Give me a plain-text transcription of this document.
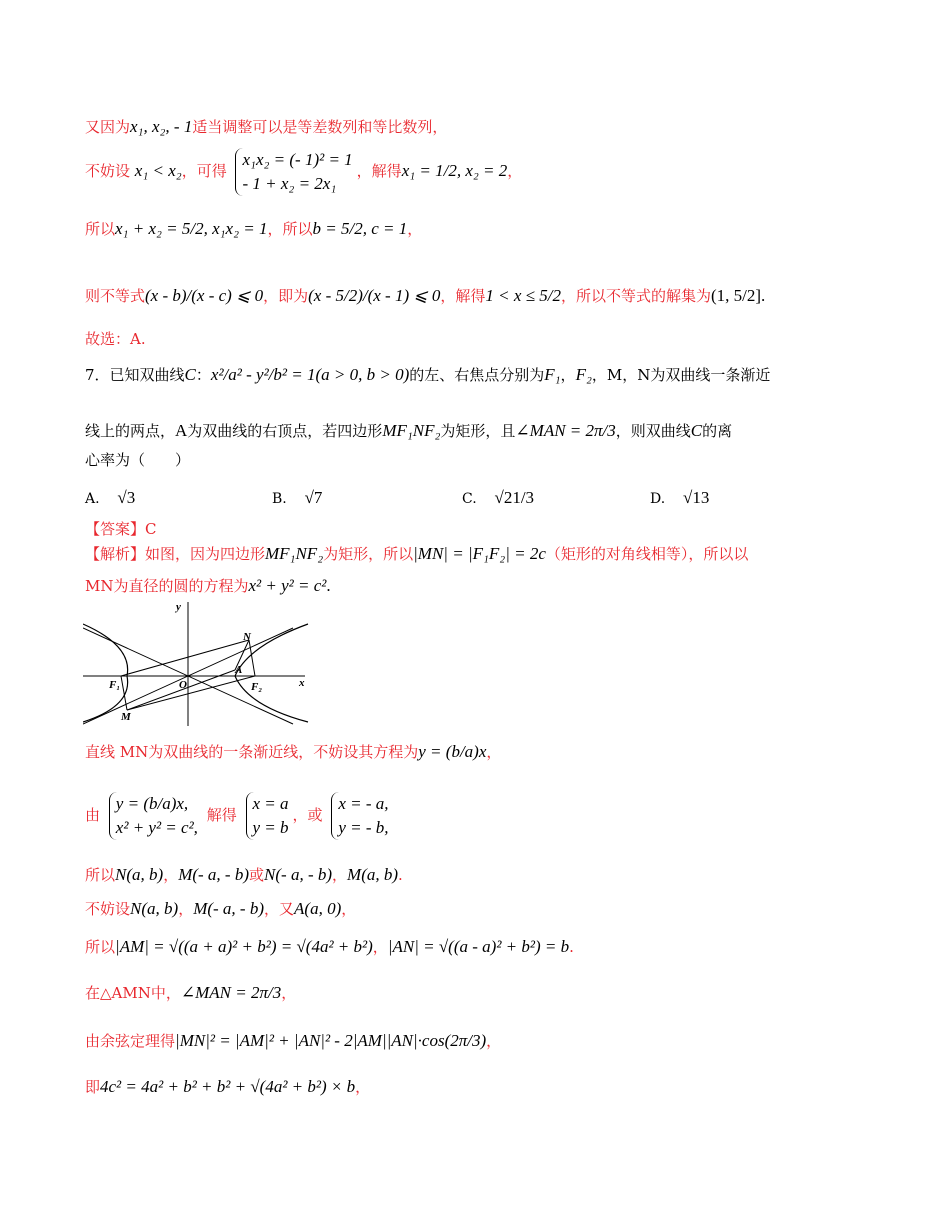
又因为x₁, x₂, - 1适当调整可以是等差数列和等比数列，
不妨设 x₁ < x₂，可得
x₁x₂ = (- 1)² = 1
- 1 + x₂ = 2x₁
，解得x₁ = 1/2, x₂ = 2，
所以x₁ + x₂ = 5/2, x₁x₂ = 1，所以b = 5/2, c = 1，
则不等式(x - b)/(x - c) ⩽ 0，即为(x - 5/2)/(x - 1) ⩽ 0，解得1 < x ≤ 5/2，所以不等式的解集为(1, 5/2].
故选：A.
7．已知双曲线C：x²/a² - y²/b² = 1(a > 0, b > 0)的左、右焦点分别为F₁，F₂，M，N为双曲线一条渐近
线上的两点，A为双曲线的右顶点，若四边形MF₁NF₂为矩形，且∠MAN = 2π/3，则双曲线C的离
心率为（　　）
A. √3	B. √7	C. √21/3	D. √13
【答案】C
【解析】如图，因为四边形MF₁NF₂为矩形，所以|MN| = |F₁F₂| = 2c（矩形的对角线相等），所以以
MN为直径的圆的方程为x² + y² = c².
y
x
N
A
O
F₁	F₂
M
直线 MN为双曲线的一条渐近线，不妨设其方程为y = (b/a)x，
由
y = (b/a)x,
x² + y² = c²,
解得
x = a
y = b
，或
x = - a,
y = - b,
所以N(a, b)，M(- a, - b)或N(- a, - b)，M(a, b).
不妨设N(a, b)，M(- a, - b)，又A(a, 0)，
所以|AM| = √((a + a)² + b²) = √(4a² + b²)，|AN| = √((a - a)² + b²) = b.
在△AMN中，∠MAN = 2π/3，
由余弦定理得|MN|² = |AM|² + |AN|² - 2|AM||AN|·cos(2π/3)，
即4c² = 4a² + b² + b² + √(4a² + b²) × b，
